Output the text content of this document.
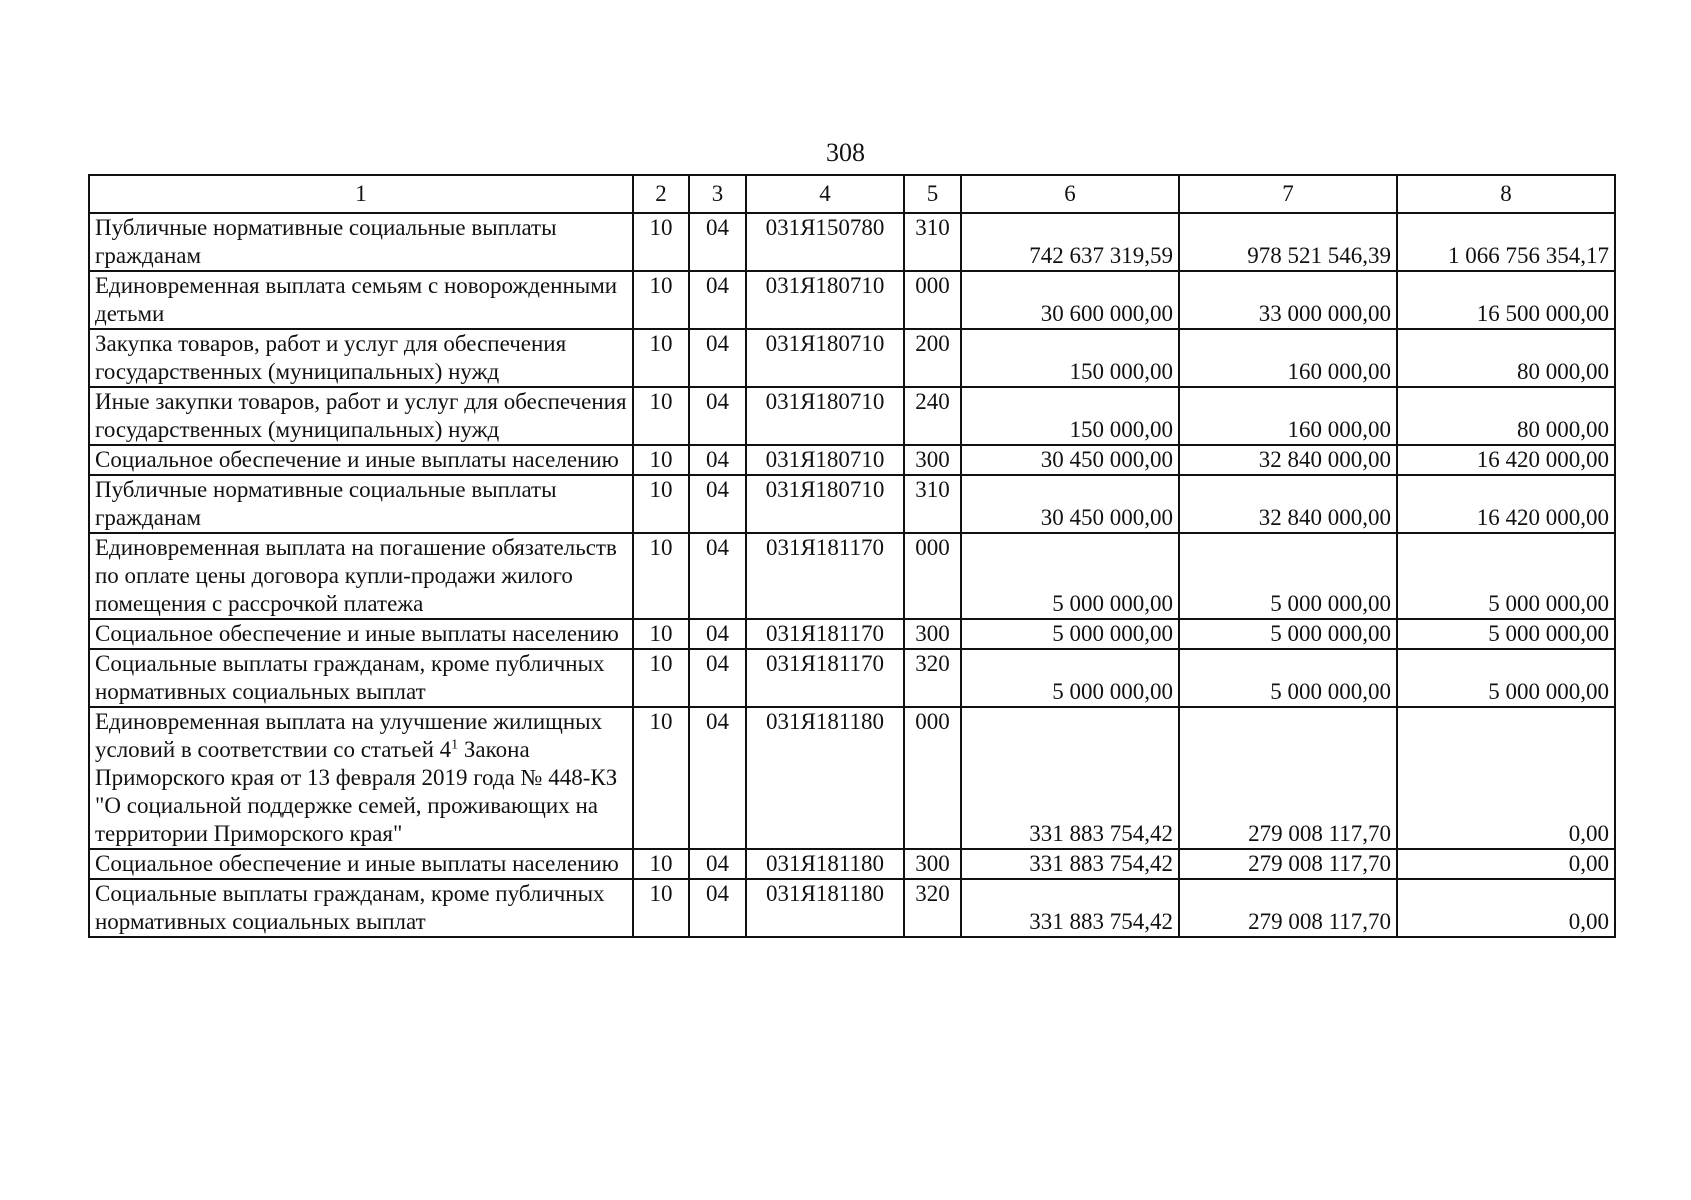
308
1	2	3	4	5	6	7	8
Публичные нормативные социальные выплаты гражданам	10	04	031Я150780	310	742 637 319,59	978 521 546,39	1 066 756 354,17
Единовременная выплата семьям с новорожденными детьми	10	04	031Я180710	000	30 600 000,00	33 000 000,00	16 500 000,00
Закупка товаров, работ и услуг для обеспечения государственных (муниципальных) нужд	10	04	031Я180710	200	150 000,00	160 000,00	80 000,00
Иные закупки товаров, работ и услуг для обеспечения государственных (муниципальных) нужд	10	04	031Я180710	240	150 000,00	160 000,00	80 000,00
Социальное обеспечение и иные выплаты населению	10	04	031Я180710	300	30 450 000,00	32 840 000,00	16 420 000,00
Публичные нормативные социальные выплаты гражданам	10	04	031Я180710	310	30 450 000,00	32 840 000,00	16 420 000,00
Единовременная выплата на погашение обязательств по оплате цены договора купли-продажи жилого помещения с рассрочкой платежа	10	04	031Я181170	000	5 000 000,00	5 000 000,00	5 000 000,00
Социальное обеспечение и иные выплаты населению	10	04	031Я181170	300	5 000 000,00	5 000 000,00	5 000 000,00
Социальные выплаты гражданам, кроме публичных нормативных социальных выплат	10	04	031Я181170	320	5 000 000,00	5 000 000,00	5 000 000,00
Единовременная выплата на улучшение жилищных условий в соответствии со статьей $4^1$ Закона Приморского края от 13 февраля 2019 года № 448-КЗ "О социальной поддержке семей, проживающих на территории Приморского края"	10	04	031Я181180	000	331 883 754,42	279 008 117,70	0,00
Социальное обеспечение и иные выплаты населению	10	04	031Я181180	300	331 883 754,42	279 008 117,70	0,00
Социальные выплаты гражданам, кроме публичных нормативных социальных выплат	10	04	031Я181180	320	331 883 754,42	279 008 117,70	0,00
